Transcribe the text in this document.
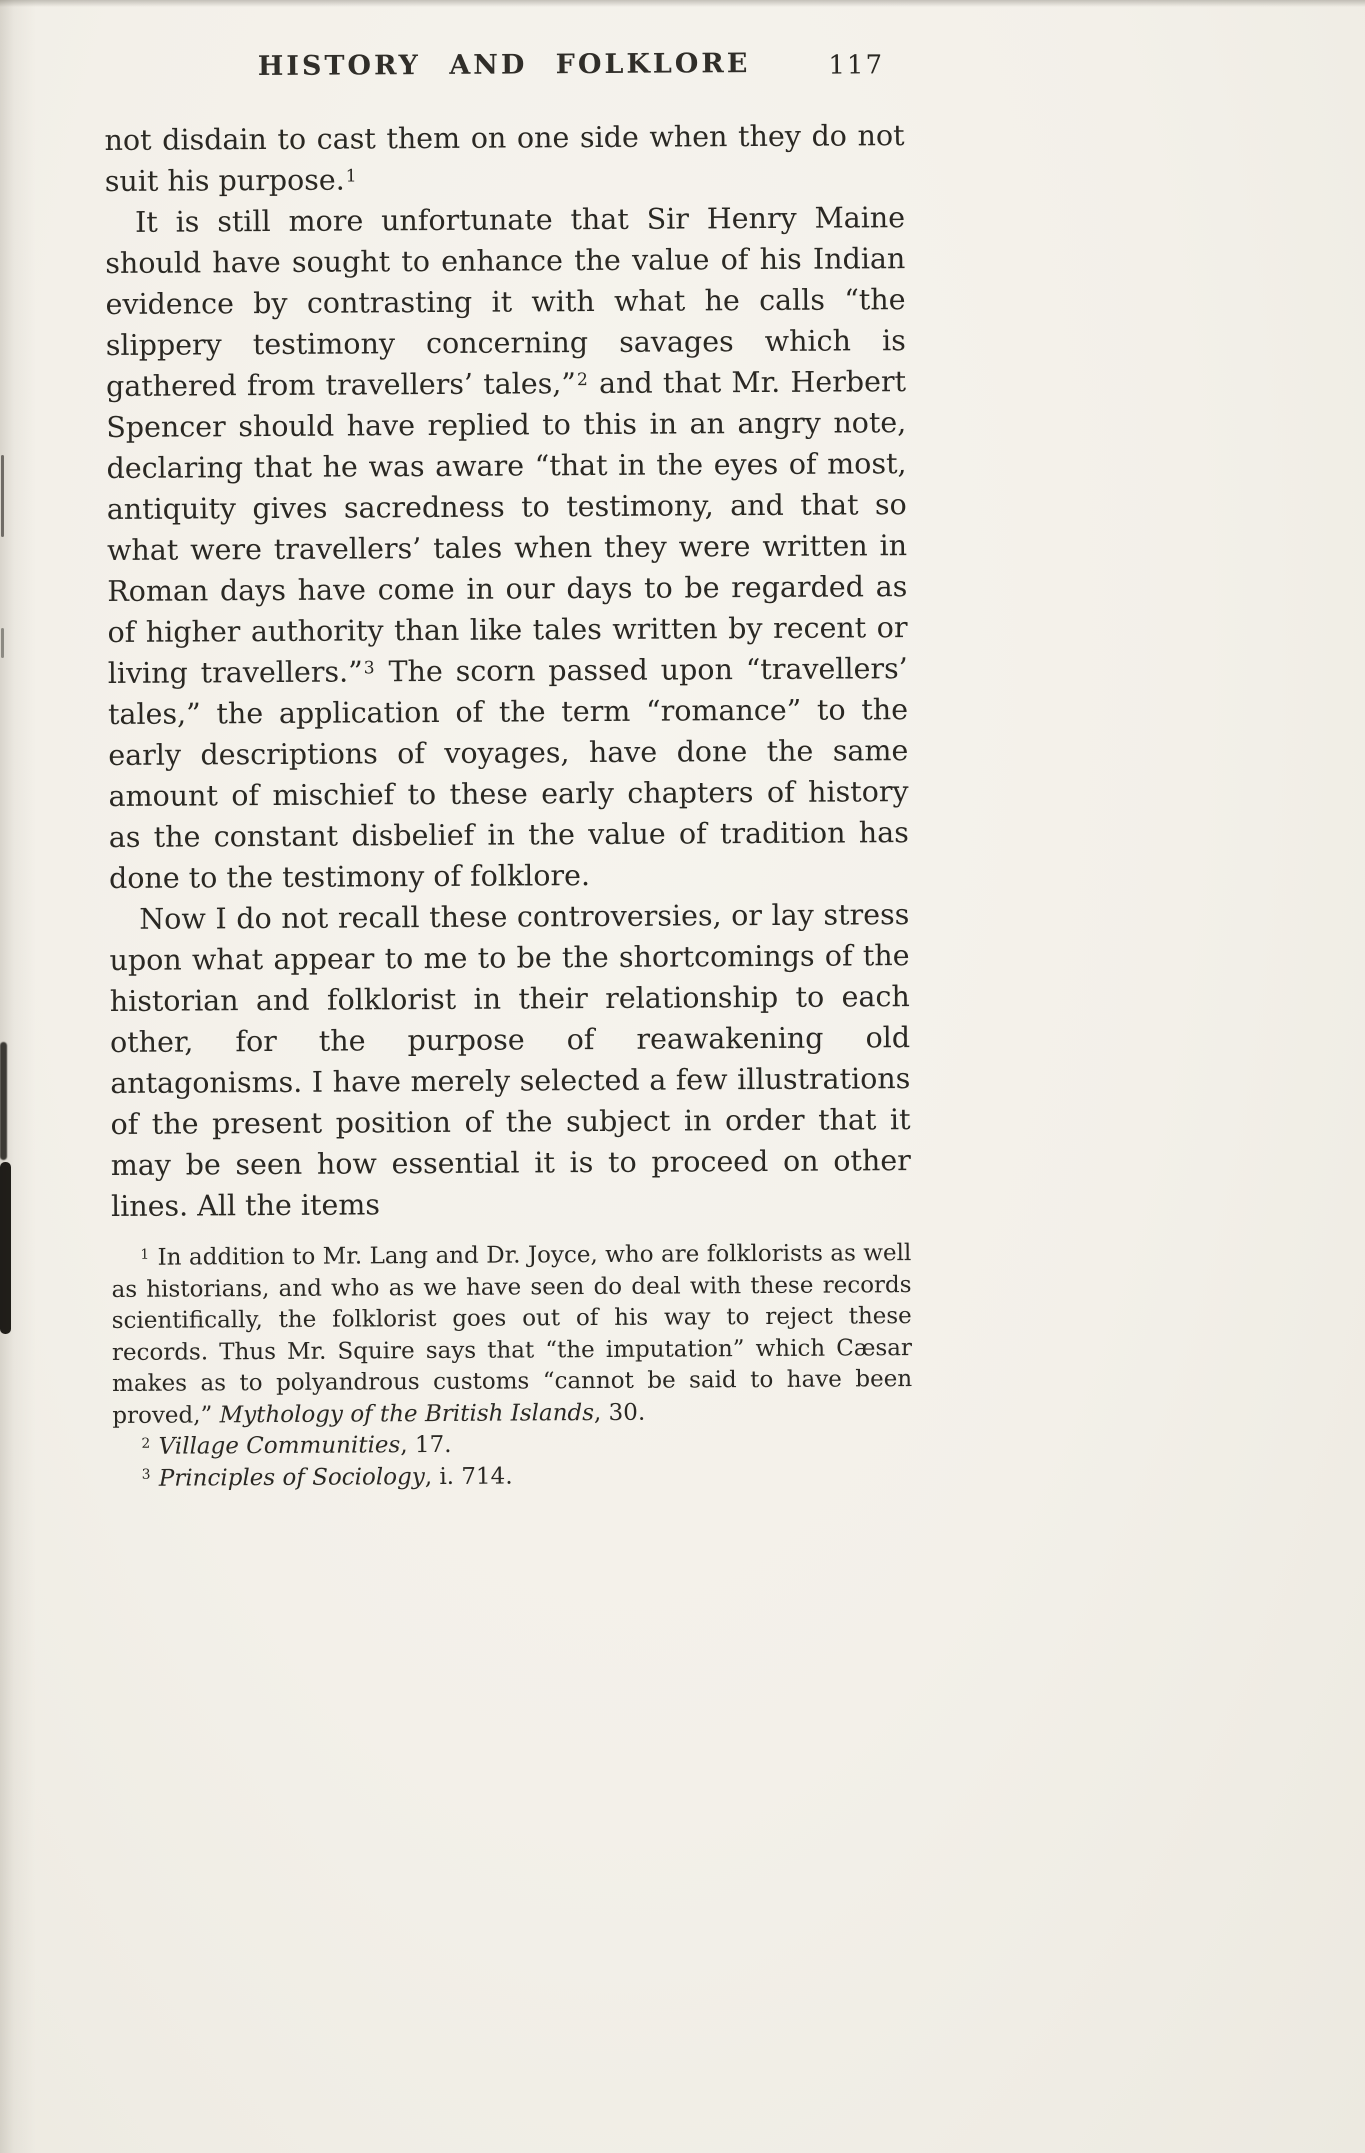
HISTORY AND FOLKLORE	117

not disdain to cast them on one side when they do not suit his purpose.$^1$

It is still more unfortunate that Sir Henry Maine should have sought to enhance the value of his Indian evidence by contrasting it with what he calls “the slippery testimony concerning savages which is gathered from travellers’ tales,”$^2$ and that Mr. Herbert Spencer should have replied to this in an angry note, declaring that he was aware “that in the eyes of most, antiquity gives sacredness to testimony, and that so what were travellers’ tales when they were written in Roman days have come in our days to be regarded as of higher authority than like tales written by recent or living travellers.”$^3$ The scorn passed upon “travellers’ tales,” the application of the term “romance” to the early descriptions of voyages, have done the same amount of mischief to these early chapters of history as the constant disbelief in the value of tradition has done to the testimony of folklore.

Now I do not recall these controversies, or lay stress upon what appear to me to be the shortcomings of the historian and folklorist in their relationship to each other, for the purpose of reawakening old antagonisms. I have merely selected a few illustrations of the present position of the subject in order that it may be seen how essential it is to proceed on other lines. All the items

$^1$ In addition to Mr. Lang and Dr. Joyce, who are folklorists as well as historians, and who as we have seen do deal with these records scientifically, the folklorist goes out of his way to reject these records. Thus Mr. Squire says that “the imputation” which Cæsar makes as to polyandrous customs “cannot be said to have been proved,” Mythology of the British Islands, 30.

$^2$ Village Communities, 17.

$^3$ Principles of Sociology, i. 714.
